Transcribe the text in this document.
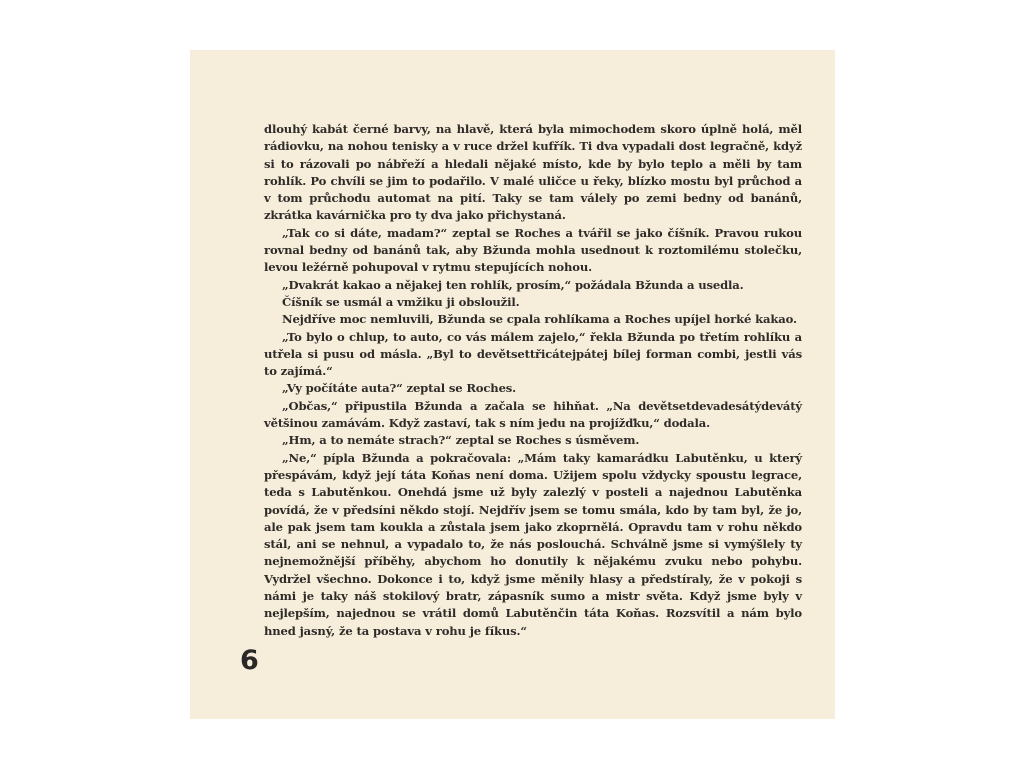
dlouhý kabát černé barvy, na hlavě, která byla mimochodem skoro úplně holá, měl rádiovku, na nohou tenisky a v ruce držel kufřík. Ti dva vypadali dost legračně, když si to rázovali po nábřeží a hledali nějaké místo, kde by bylo teplo a měli by tam rohlík. Po chvíli se jim to podařilo. V malé uličce u řeky, blízko mostu byl průchod a v tom průchodu automat na pití. Taky se tam válely po zemi bedny od banánů, zkrátka kavárnička pro ty dva jako přichystaná.

„Tak co si dáte, madam?“ zeptal se Roches a tvářil se jako číšník. Pravou rukou rovnal bedny od banánů tak, aby Bžunda mohla usednout k roztomilému stolečku, levou ležérně pohupoval v rytmu stepujících nohou.

„Dvakrát kakao a nějakej ten rohlík, prosím,“ požádala Bžunda a usedla.

Číšník se usmál a vmžiku ji obsloužil.

Nejdříve moc nemluvili, Bžunda se cpala rohlíkama a Roches upíjel horké kakao.

„To bylo o chlup, to auto, co vás málem zajelo,“ řekla Bžunda po třetím rohlíku a utřela si pusu od másla. „Byl to devětsettřicátejpátej bílej forman combi, jestli vás to zajímá.“

„Vy počítáte auta?“ zeptal se Roches.

„Občas,“ připustila Bžunda a začala se hihňat. „Na devětsetdevadesátýdevátý většinou zamávám. Když zastaví, tak s ním jedu na projížďku,“ dodala.

„Hm, a to nemáte strach?“ zeptal se Roches s úsměvem.

„Ne,“ pípla Bžunda a pokračovala: „Mám taky kamarádku Labutěnku, u který přespávám, když její táta Koňas není doma. Užijem spolu vždycky spoustu legrace, teda s Labutěnkou. Onehdá jsme už byly zalezlý v posteli a najednou Labutěnka povídá, že v předsíni někdo stojí. Nejdřív jsem se tomu smála, kdo by tam byl, že jo, ale pak jsem tam koukla a zůstala jsem jako zkoprnělá. Opravdu tam v rohu někdo stál, ani se nehnul, a vypadalo to, že nás poslouchá. Schválně jsme si vymýšlely ty nejnemožnější příběhy, abychom ho donutily k nějakému zvuku nebo pohybu. Vydržel všechno. Dokonce i to, když jsme měnily hlasy a předstíraly, že v pokoji s námi je taky náš stokilový bratr, zápasník sumo a mistr světa. Když jsme byly v nejlepším, najednou se vrátil domů Labutěnčin táta Koňas. Rozsvítil a nám bylo hned jasný, že ta postava v rohu je fíkus.“

6
